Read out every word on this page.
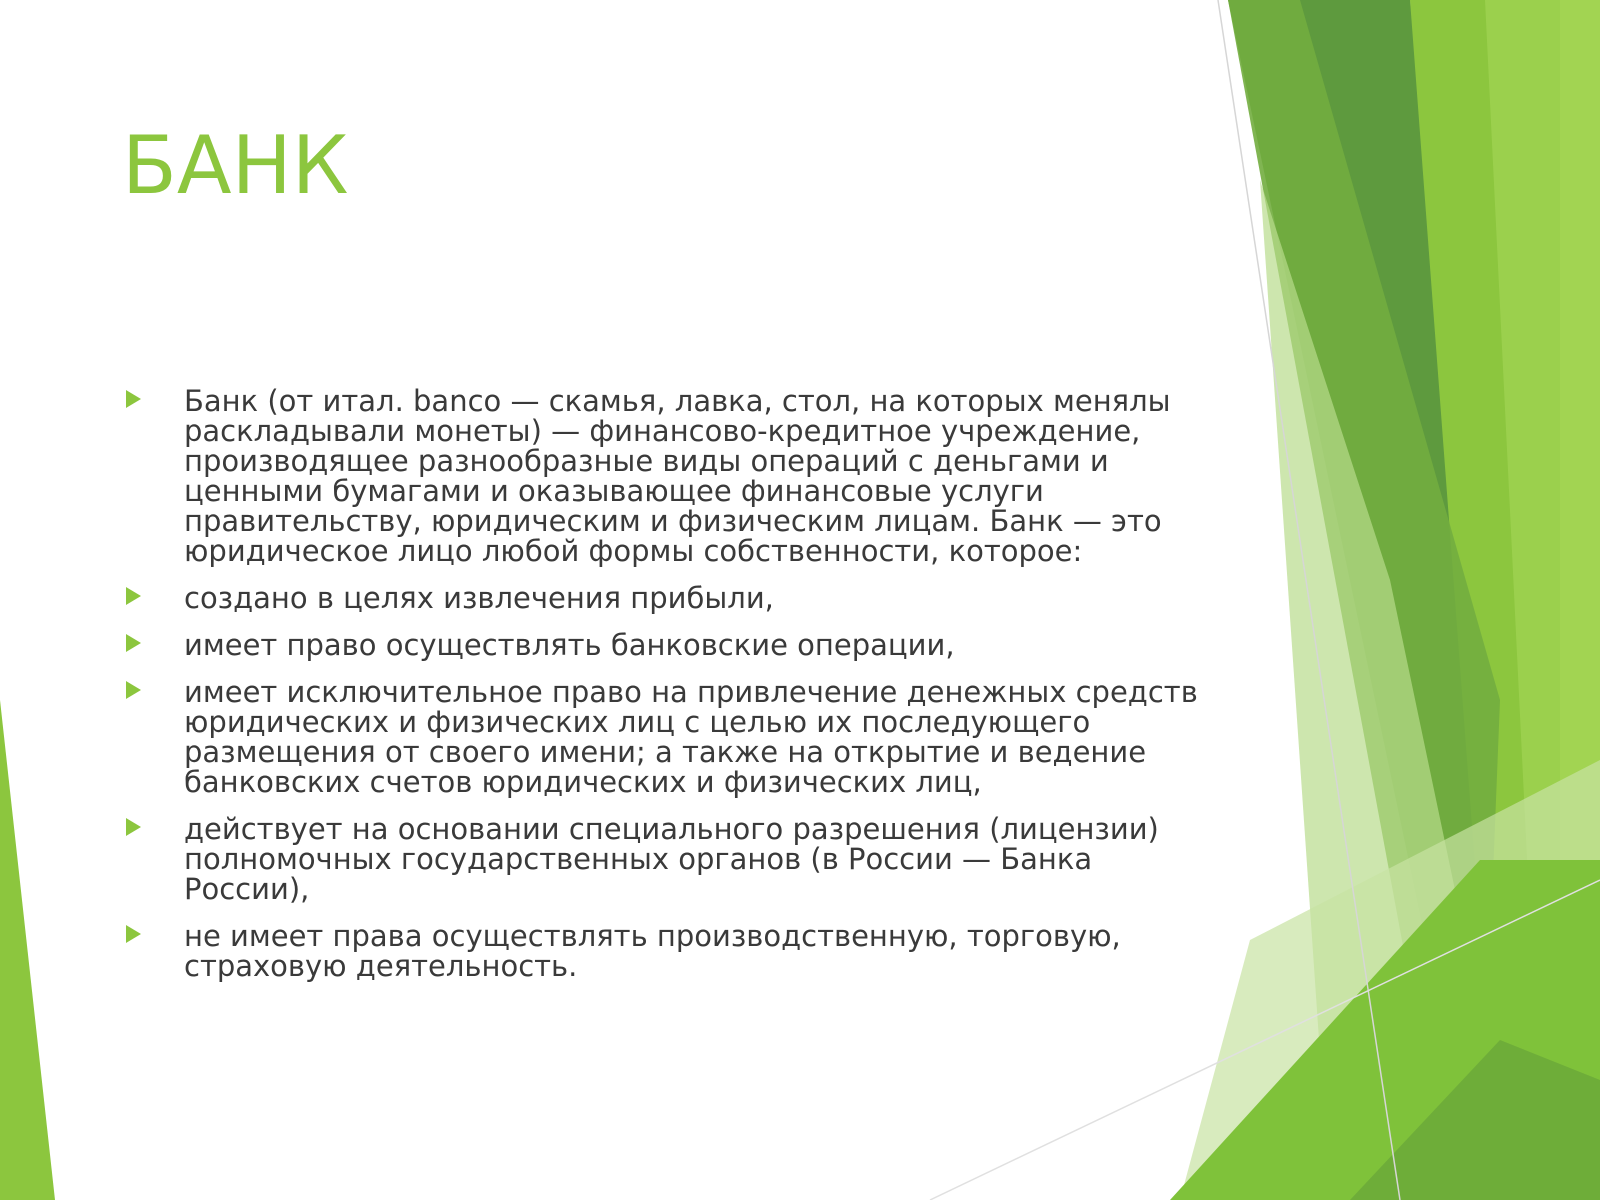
БАНК
Банк (от итал. banco — скамья, лавка, стол, на которых менялы раскладывали монеты) — финансово-кредитное учреждение, производящее разнообразные виды операций с деньгами и ценными бумагами и оказывающее финансовые услуги правительству, юридическим и физическим лицам. Банк — это юридическое лицо любой формы собственности, которое:
создано в целях извлечения прибыли,
имеет право осуществлять банковские операции,
имеет исключительное право на привлечение денежных средств юридических и физических лиц с целью их последующего размещения от своего имени; а также на открытие и ведение банковских счетов юридических и физических лиц,
действует на основании специального разрешения (лицензии) полномочных государственных органов (в России — Банка России),
не имеет права осуществлять производственную, торговую, страховую деятельность.
